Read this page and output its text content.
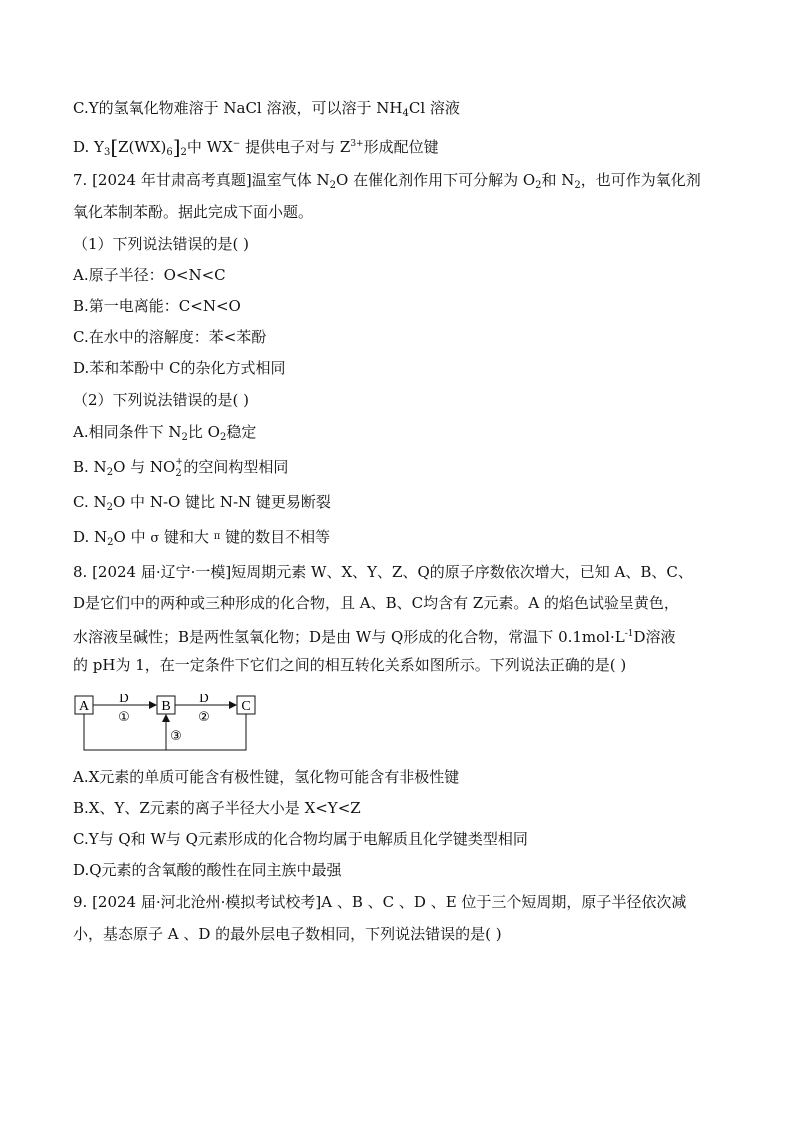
C.Y的氢氧化物难溶于 NaCl 溶液，可以溶于 $NH_4Cl$ 溶液
D. $Y_3[Z(WX)_6]_2$中 WX− 提供电子对与 $Z^{3+}$形成配位键
7. [2024 年甘肃高考真题]温室气体 $N_2O$ 在催化剂作用下可分解为 $O_2$和 $N_2$，也可作为氧化剂
氧化苯制苯酚。据此完成下面小题。
（1）下列说法错误的是( )
A.原子半径：O<N<C
B.第一电离能：C<N<O
C.在水中的溶解度：苯<苯酚
D.苯和苯酚中 C的杂化方式相同
（2）下列说法错误的是( )
A.相同条件下 $N_2$比 $O_2$稳定
B. $N_2O$ 与 NO +
2 的空间构型相同
C. $N_2O$ 中 N-O 键比 N-N 键更易断裂
D. $N_2O$ 中 σ 键和大 $^\pi$ 键的数目不相等
8. [2024 届·辽宁·一模]短周期元素 W、X、Y、Z、Q的原子序数依次增大，已知 A、B、C、
D是它们中的两种或三种形成的化合物，且 A、B、C均含有 Z元素。A 的焰色试验呈黄色，
水溶液呈碱性；B是两性氢氧化物；D是由 W与 Q形成的化合物，常温下 $0.1mol\cdot L^{-1}D$溶液
的 pH为 1，在一定条件下它们之间的相互转化关系如图所示。下列说法正确的是( )
A	B	C
D
①
D
②
③
A.X元素的单质可能含有极性键，氢化物可能含有非极性键
B.X、Y、Z元素的离子半径大小是 X<Y<Z
C.Y与 Q和 W与 Q元素形成的化合物均属于电解质且化学键类型相同
D.Q元素的含氧酸的酸性在同主族中最强
9. [2024 届·河北沧州·模拟考试校考]A 、B 、C 、D 、E 位于三个短周期，原子半径依次减
小，基态原子 A 、D 的最外层电子数相同，下列说法错误的是( )
